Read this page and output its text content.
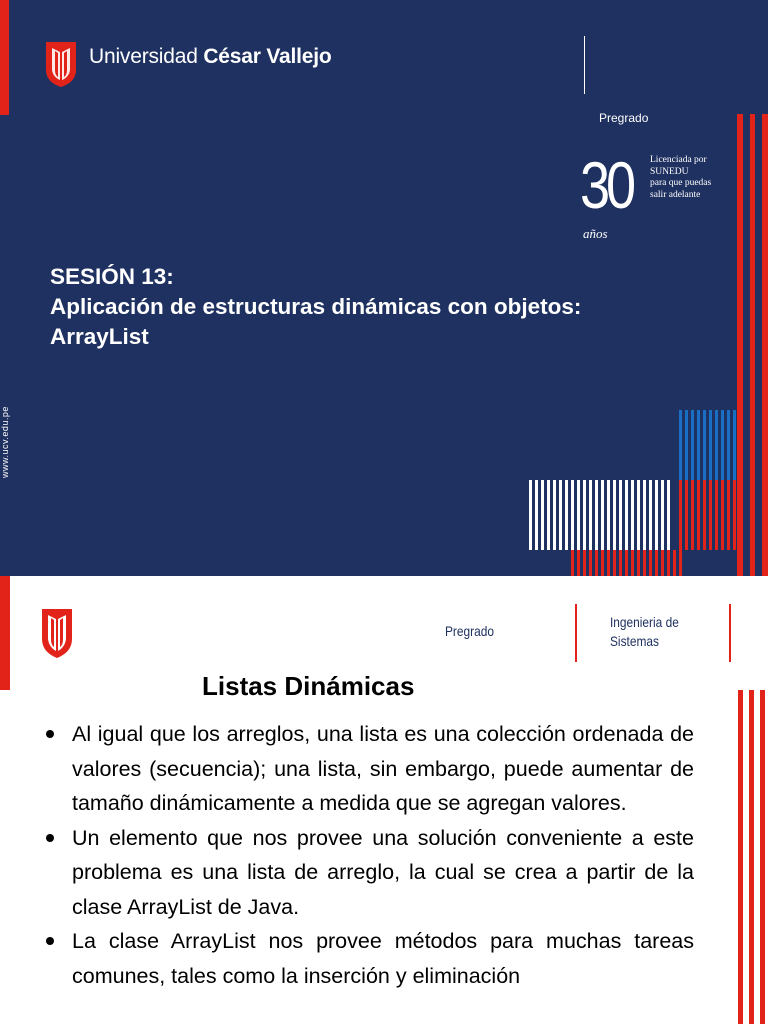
Universidad César Vallejo
Pregrado
30
años
Licenciada por
SUNEDU
para que puedas
salir adelante
SESIÓN 13:
Aplicación de estructuras dinámicas con objetos:
ArrayList
www.ucv.edu.pe
Pregrado
Ingenieria de
Sistemas
Listas Dinámicas
Al igual que los arreglos, una lista es una colección ordenada de valores (secuencia); una lista, sin embargo, puede aumentar de tamaño dinámicamente a medida que se agregan valores.
Un elemento que nos provee una solución conveniente a este problema es una lista de arreglo, la cual se crea a partir de la clase ArrayList de Java.
La clase ArrayList nos provee métodos para muchas tareas comunes, tales como la inserción y eliminación
